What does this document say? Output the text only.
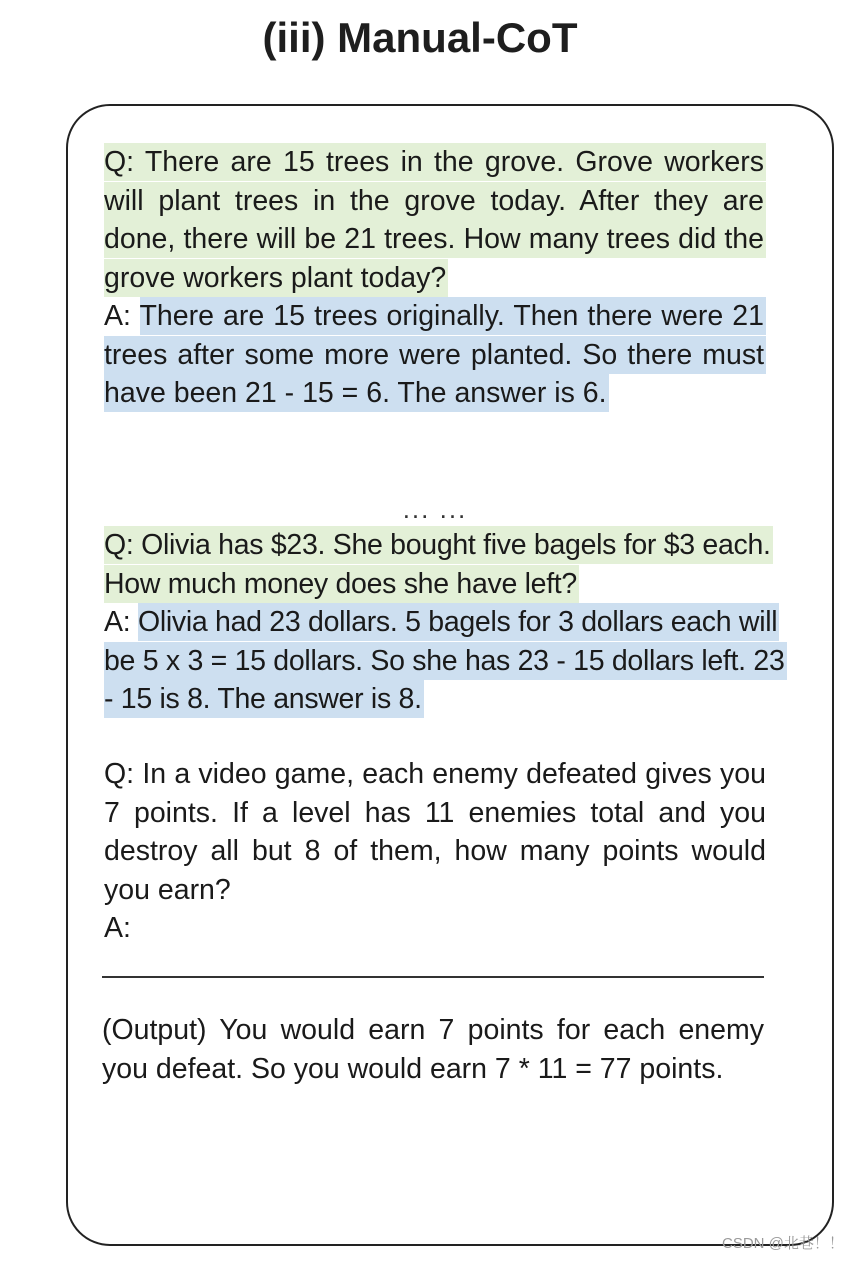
(iii) Manual-CoT
Q: There are 15 trees in the grove. Grove workers will plant trees in the grove today. After they are done, there will be 21 trees. How many trees did the grove workers plant today?
A: There are 15 trees originally. Then there were 21 trees after some more were planted. So there must have been 21 - 15 = 6. The answer is 6.
... ...
Q: Olivia has $23. She bought five bagels for $3 each. How much money does she have left?
A: Olivia had 23 dollars. 5 bagels for 3 dollars each will be 5 x 3 = 15 dollars. So she has 23 - 15 dollars left. 23 - 15 is 8. The answer is 8.
Q: In a video game, each enemy defeated gives you 7 points. If a level has 11 enemies total and you destroy all but 8 of them, how many points would you earn?
A:
(Output) You would earn 7 points for each enemy you defeat. So you would earn 7 * 11 = 77 points.
CSDN @北巷！！
